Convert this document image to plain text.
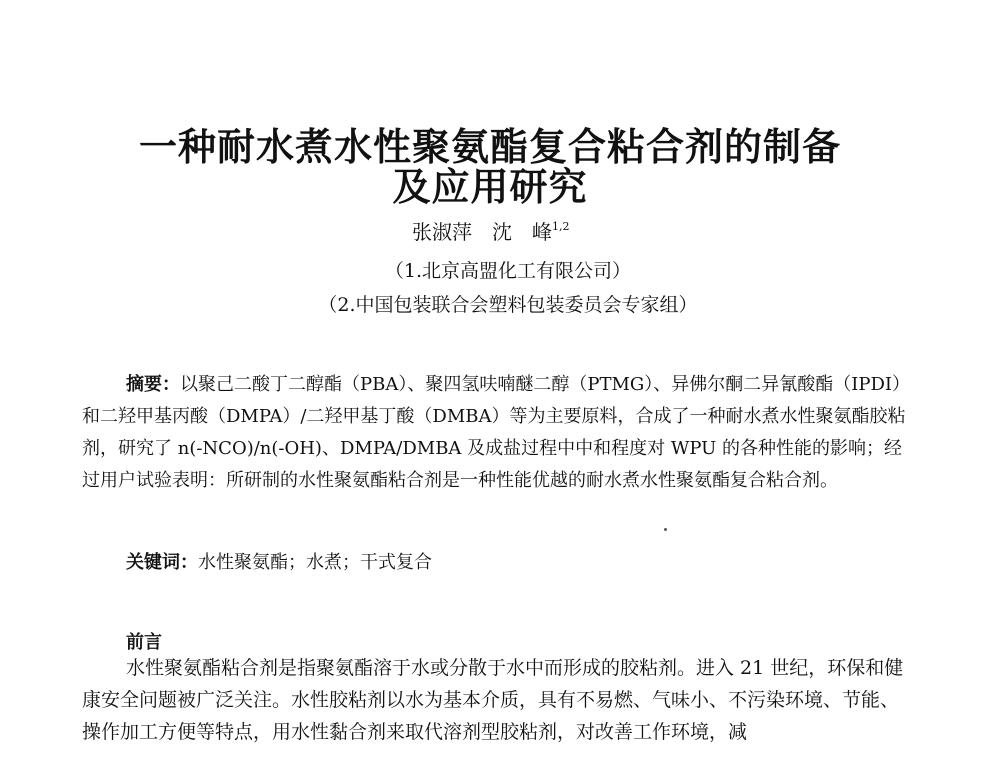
一种耐水煮水性聚氨酯复合粘合剂的制备
及应用研究
张淑萍　沈　峰$^{1,2}$
（1.北京高盟化工有限公司）
（2.中国包装联合会塑料包装委员会专家组）
摘要：以聚己二酸丁二醇酯（PBA）、聚四氢呋喃醚二醇（PTMG）、异佛尔酮二异氰酸酯（IPDI）和二羟甲基丙酸（DMPA）/二羟甲基丁酸（DMBA）等为主要原料，合成了一种耐水煮水性聚氨酯胶粘剂，研究了 n(-NCO)/n(-OH)、DMPA/DMBA 及成盐过程中中和程度对 WPU 的各种性能的影响；经过用户试验表明：所研制的水性聚氨酯粘合剂是一种性能优越的耐水煮水性聚氨酯复合粘合剂。
关键词：水性聚氨酯；水煮；干式复合
前言
水性聚氨酯粘合剂是指聚氨酯溶于水或分散于水中而形成的胶粘剂。进入 21 世纪，环保和健康安全问题被广泛关注。水性胶粘剂以水为基本介质，具有不易燃、气味小、不污染环境、节能、操作加工方便等特点，用水性黏合剂来取代溶剂型胶粘剂，对改善工作环境，减
